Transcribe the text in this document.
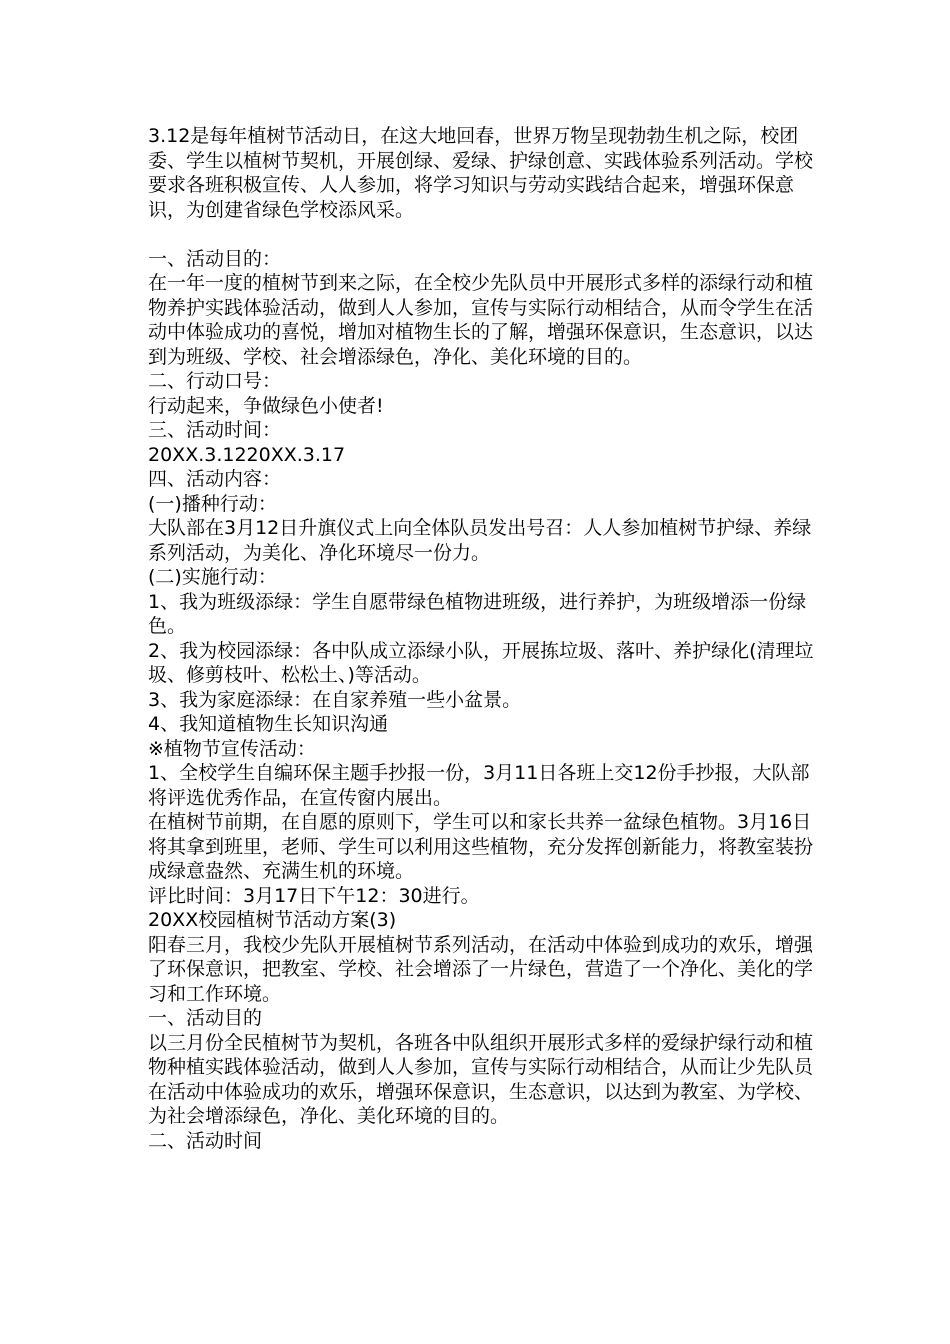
3.12是每年植树节活动日，在这大地回春，世界万物呈现勃勃生机之际，校团委、学生以植树节契机，开展创绿、爱绿、护绿创意、实践体验系列活动。学校要求各班积极宣传、人人参加，将学习知识与劳动实践结合起来，增强环保意识，为创建省绿色学校添风采。

一、活动目的：

在一年一度的植树节到来之际，在全校少先队员中开展形式多样的添绿行动和植物养护实践体验活动，做到人人参加，宣传与实际行动相结合，从而令学生在活动中体验成功的喜悦，增加对植物生长的了解，增强环保意识，生态意识，以达到为班级、学校、社会增添绿色，净化、美化环境的目的。

二、行动口号：

行动起来，争做绿色小使者!

三、活动时间：

20XX.3.1220XX.3.17

四、活动内容：

(一)播种行动：

大队部在3月12日升旗仪式上向全体队员发出号召：人人参加植树节护绿、养绿系列活动，为美化、净化环境尽一份力。

(二)实施行动：

1、我为班级添绿：学生自愿带绿色植物进班级，进行养护，为班级增添一份绿色。

2、我为校园添绿：各中队成立添绿小队，开展拣垃圾、落叶、养护绿化(清理垃圾、修剪枝叶、松松土、)等活动。

3、我为家庭添绿：在自家养殖一些小盆景。

4、我知道植物生长知识沟通

※植物节宣传活动：

1、全校学生自编环保主题手抄报一份，3月11日各班上交12份手抄报，大队部将评选优秀作品，在宣传窗内展出。

在植树节前期，在自愿的原则下，学生可以和家长共养一盆绿色植物。3月16日将其拿到班里，老师、学生可以利用这些植物，充分发挥创新能力，将教室装扮成绿意盎然、充满生机的环境。

评比时间：3月17日下午12：30进行。

20XX校园植树节活动方案(3)

阳春三月，我校少先队开展植树节系列活动，在活动中体验到成功的欢乐，增强了环保意识，把教室、学校、社会增添了一片绿色，营造了一个净化、美化的学习和工作环境。

一、活动目的

以三月份全民植树节为契机，各班各中队组织开展形式多样的爱绿护绿行动和植物种植实践体验活动，做到人人参加，宣传与实际行动相结合，从而让少先队员在活动中体验成功的欢乐，增强环保意识，生态意识，以达到为教室、为学校、为社会增添绿色，净化、美化环境的目的。

二、活动时间
